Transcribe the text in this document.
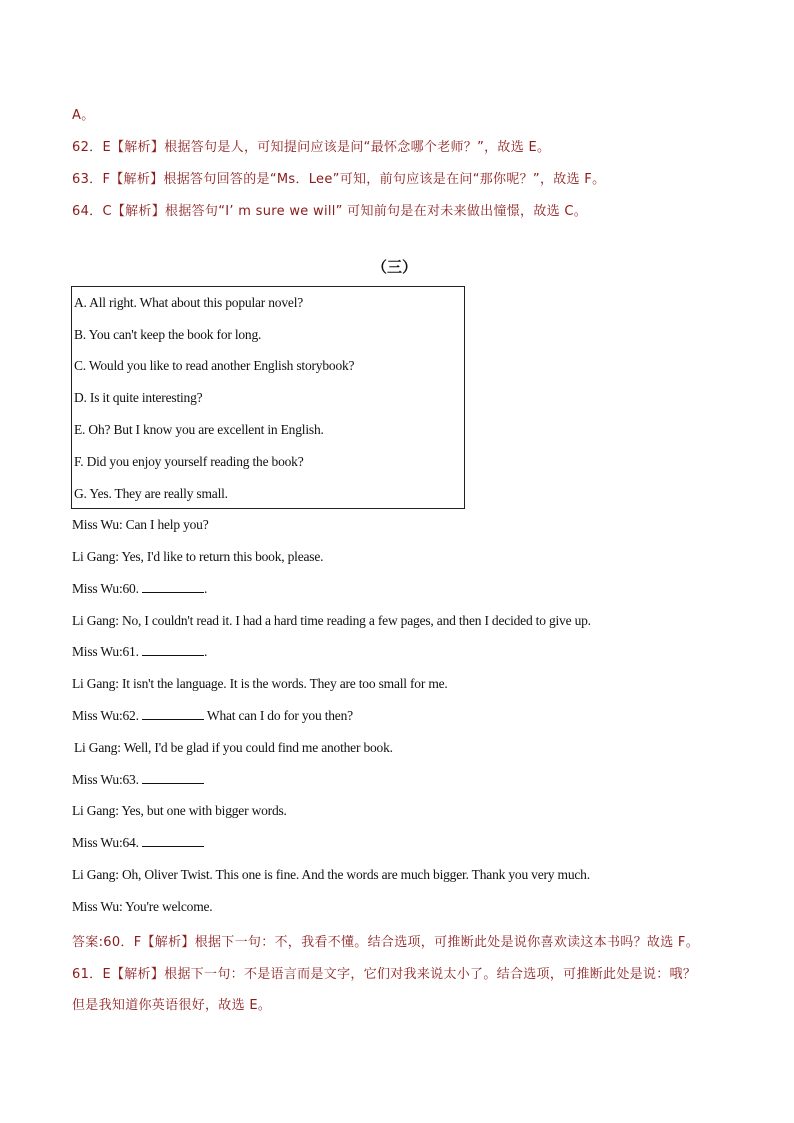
A。
62．E【解析】根据答句是人，可知提问应该是问“最怀念哪个老师？”，故选 E。
63．F【解析】根据答句回答的是“Ms．Lee”可知，前句应该是在问“那你呢？”，故选 F。
64．C【解析】根据答句“I’ m sure we will” 可知前句是在对未来做出憧憬，故选 C。
（三）
A. All right. What about this popular novel?
B. You can't keep the book for long.
C. Would you like to read another English storybook?
D. Is it quite interesting?
E. Oh? But I know you are excellent in English.
F. Did you enjoy yourself reading the book?
G. Yes. They are really small.
Miss Wu: Can I help you?
Li Gang: Yes, I'd like to return this book, please.
Miss Wu:60.	.
Li Gang: No, I couldn't read it. I had a hard time reading a few pages, and then I decided to give up.
Miss Wu:61.	.
Li Gang: It isn't the language. It is the words. They are too small for me.
Miss Wu:62.	What can I do for you then?
Li Gang: Well, I'd be glad if you could find me another book.
Miss Wu:63.
Li Gang: Yes, but one with bigger words.
Miss Wu:64.
Li Gang: Oh, Oliver Twist. This one is fine. And the words are much bigger. Thank you very much.
Miss Wu: You're welcome.
答案:60．F【解析】根据下一句：不，我看不懂。结合选项，可推断此处是说你喜欢读这本书吗？故选 F。
61．E【解析】根据下一句：不是语言而是文字，它们对我来说太小了。结合选项，可推断此处是说：哦？
但是我知道你英语很好，故选 E。
